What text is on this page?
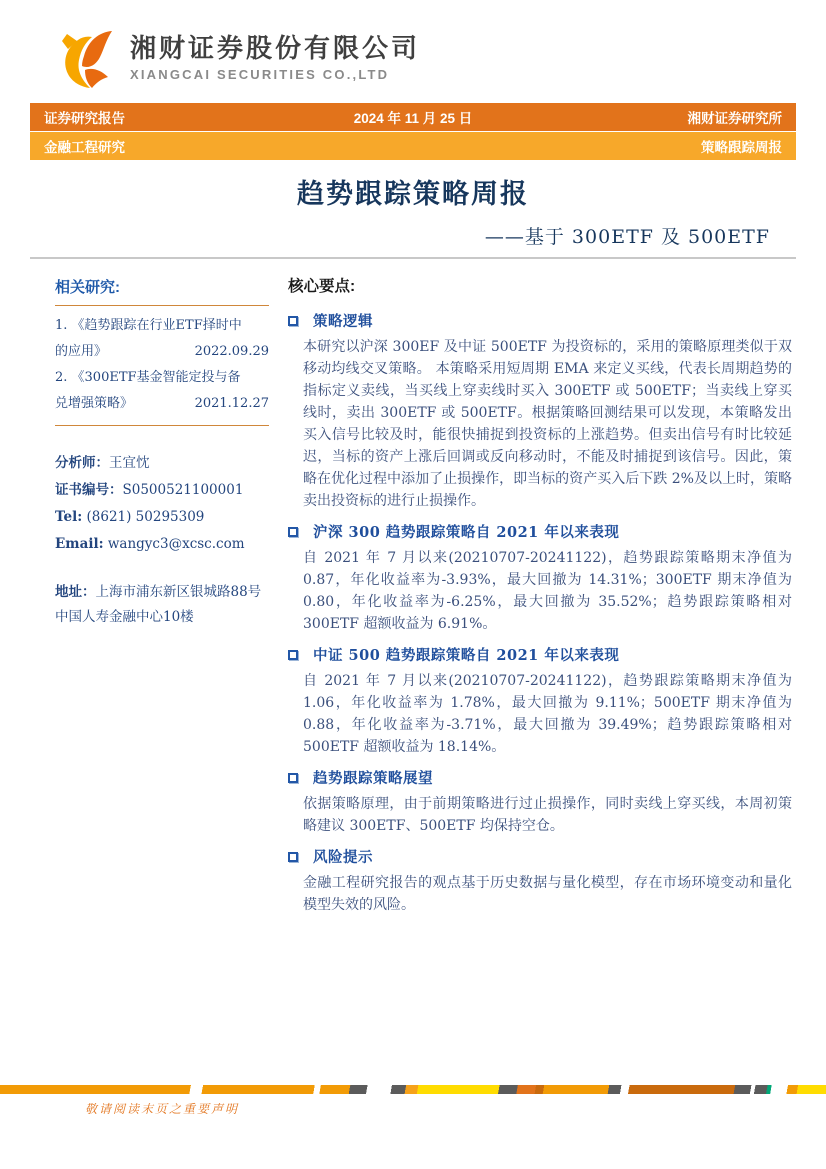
湘财证券股份有限公司
XIANGCAI SECURITIES CO.,LTD
证券研究报告	2024 年 11 月 25 日	湘财证券研究所
金融工程研究	策略跟踪周报
趋势跟踪策略周报
——基于 300ETF 及 500ETF
相关研究:
1. 《趋势跟踪在行业ETF择时中
的应用》	2022.09.29
2. 《300ETF基金智能定投与备
兑增强策略》	2021.12.27
分析师：王宜忱
证书编号：S0500521100001
Tel: (8621) 50295309
Email: wangyc3@xcsc.com
地址：上海市浦东新区银城路88号
中国人寿金融中心10楼
核心要点:
策略逻辑

本研究以沪深 300EF 及中证 500ETF 为投资标的，采用的策略原理类似于双移动均线交叉策略。 本策略采用短周期 EMA 来定义买线，代表长周期趋势的指标定义卖线，当买线上穿卖线时买入 300ETF 或 500ETF；当卖线上穿买线时，卖出 300ETF 或 500ETF。根据策略回测结果可以发现，本策略发出买入信号比较及时，能很快捕捉到投资标的上涨趋势。但卖出信号有时比较延迟，当标的资产上涨后回调或反向移动时，不能及时捕捉到该信号。因此，策略在优化过程中添加了止损操作，即当标的资产买入后下跌 2%及以上时，策略卖出投资标的进行止损操作。

沪深 300 趋势跟踪策略自 2021 年以来表现

自 2021 年 7 月以来(20210707-20241122)，趋势跟踪策略期末净值为 0.87，年化收益率为-3.93%，最大回撤为 14.31%；300ETF 期末净值为 0.80，年化收益率为-6.25%，最大回撤为 35.52%；趋势跟踪策略相对 300ETF 超额收益为 6.91%。

中证 500 趋势跟踪策略自 2021 年以来表现

自 2021 年 7 月以来(20210707-20241122)，趋势跟踪策略期末净值为 1.06，年化收益率为 1.78%，最大回撤为 9.11%；500ETF 期末净值为 0.88，年化收益率为-3.71%，最大回撤为 39.49%；趋势跟踪策略相对 500ETF 超额收益为 18.14%。

趋势跟踪策略展望

依据策略原理，由于前期策略进行过止损操作，同时卖线上穿买线，本周初策略建议 300ETF、500ETF 均保持空仓。

风险提示

金融工程研究报告的观点基于历史数据与量化模型，存在市场环境变动和量化模型失效的风险。

敬请阅读末页之重要声明
